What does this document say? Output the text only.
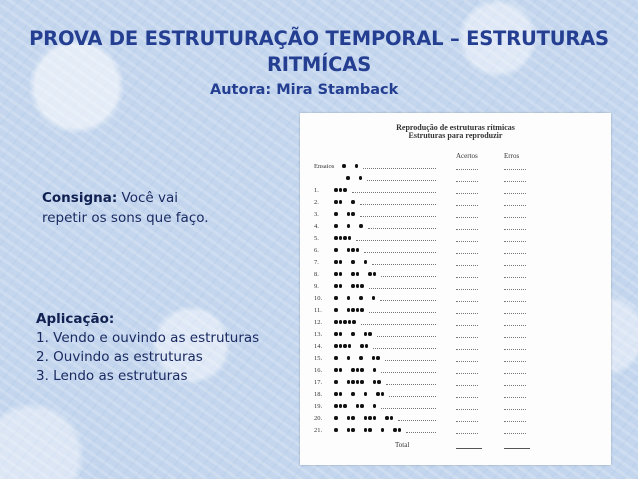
PROVA DE ESTRUTURAÇÃO TEMPORAL – ESTRUTURAS
RITMÍCAS
Autora: Mira Stamback
Consigna: Você vai
repetir os sons que faço.
Aplicação:
1. Vendo e ouvindo as estruturas
2. Ouvindo as estruturas
3. Lendo as estruturas
Reprodução de estruturas rítmicas
Estruturas para reproduzir
Acertos	Erros
Total
Ensaios
1.
2.
3.
4.
5.
6.
7.
8.
9.
10.
11.
12.
13.
14.
15.
16.
17.
18.
19.
20.
21.
